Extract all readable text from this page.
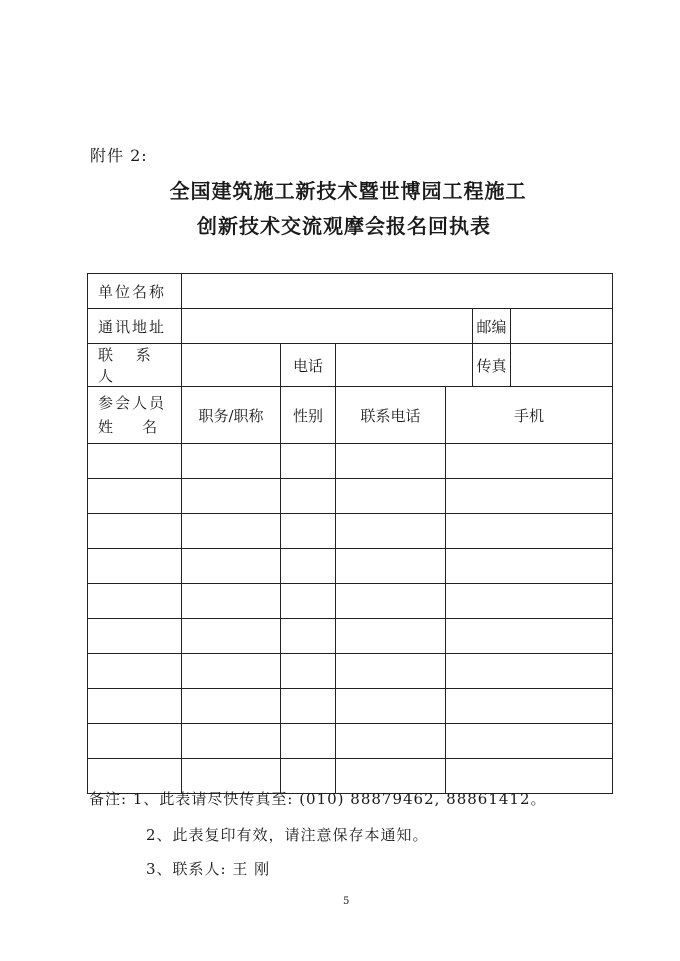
附件 2:
全国建筑施工新技术暨世博园工程施工
创新技术交流观摩会报名回执表
单位名称						
通讯地址					邮编	
联 系 人		电话			传真	

参会人员
姓    名	职务/职称	性别	联系电话	手机		

备注: 1、此表请尽快传真至: (010) 88879462, 88861412。
2、此表复印有效，请注意保存本通知。
3、联系人: 王 刚
5
